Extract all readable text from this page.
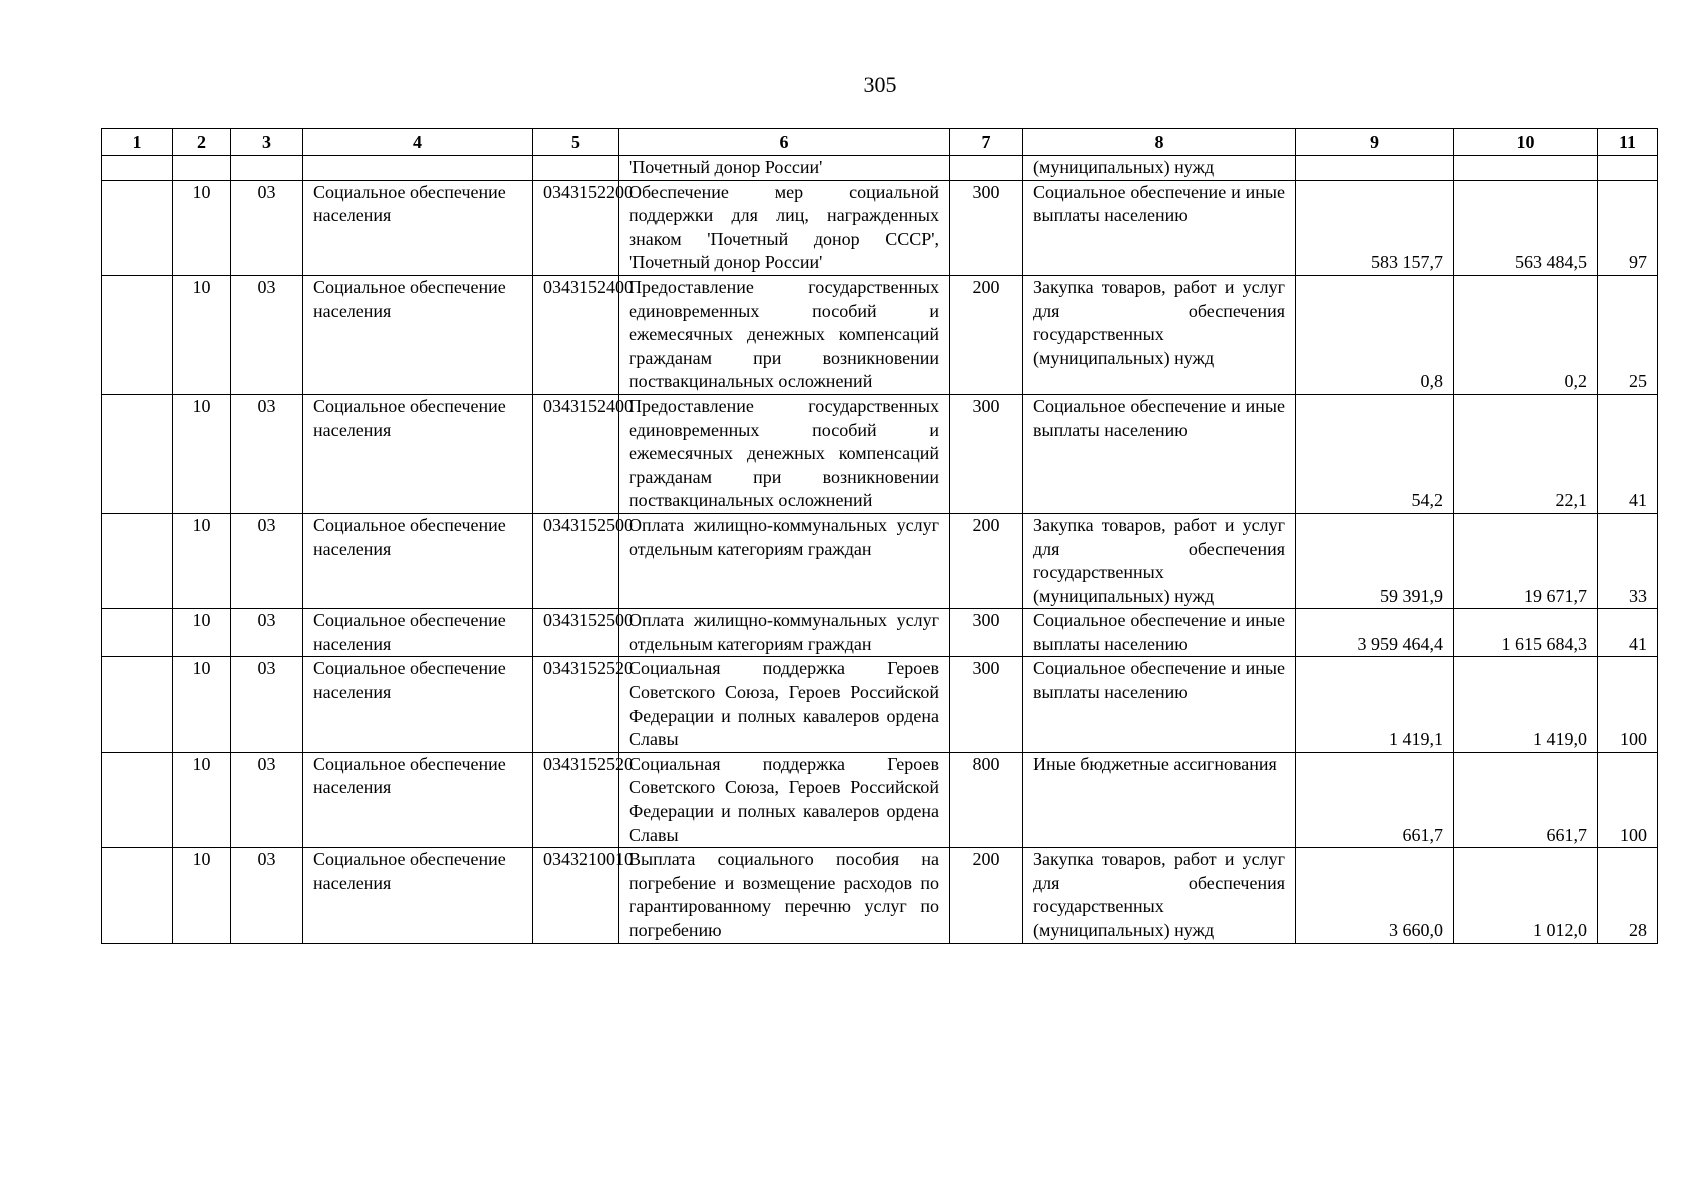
305
1	2	3	4	5	6	7	8	9	10	11
					'Почетный донор России'		(муниципальных) нужд			
	10	03	Социальное обеспечение населения	0343152200	Обеспечение мер социальной поддержки для лиц, награжденных знаком 'Почетный донор СССР', 'Почетный донор России'	300	Социальное обеспечение и иные выплаты населению	583 157,7	563 484,5	97
	10	03	Социальное обеспечение населения	0343152400	Предоставление государственных единовременных пособий и ежемесячных денежных компенсаций гражданам при возникновении поствакцинальных осложнений	200	Закупка товаров, работ и услуг для обеспечения государственных (муниципальных) нужд	0,8	0,2	25
	10	03	Социальное обеспечение населения	0343152400	Предоставление государственных единовременных пособий и ежемесячных денежных компенсаций гражданам при возникновении поствакцинальных осложнений	300	Социальное обеспечение и иные выплаты населению	54,2	22,1	41
	10	03	Социальное обеспечение населения	0343152500	Оплата жилищно-коммунальных услуг отдельным категориям граждан	200	Закупка товаров, работ и услуг для обеспечения государственных (муниципальных) нужд	59 391,9	19 671,7	33
	10	03	Социальное обеспечение населения	0343152500	Оплата жилищно-коммунальных услуг отдельным категориям граждан	300	Социальное обеспечение и иные выплаты населению	3 959 464,4	1 615 684,3	41
	10	03	Социальное обеспечение населения	0343152520	Социальная поддержка Героев Советского Союза, Героев Российской Федерации и полных кавалеров ордена Славы	300	Социальное обеспечение и иные выплаты населению	1 419,1	1 419,0	100
	10	03	Социальное обеспечение населения	0343152520	Социальная поддержка Героев Советского Союза, Героев Российской Федерации и полных кавалеров ордена Славы	800	Иные бюджетные ассигнования	661,7	661,7	100
	10	03	Социальное обеспечение населения	0343210010	Выплата социального пособия на погребение и возмещение расходов по гарантированному перечню услуг по погребению	200	Закупка товаров, работ и услуг для обеспечения государственных (муниципальных) нужд	3 660,0	1 012,0	28
